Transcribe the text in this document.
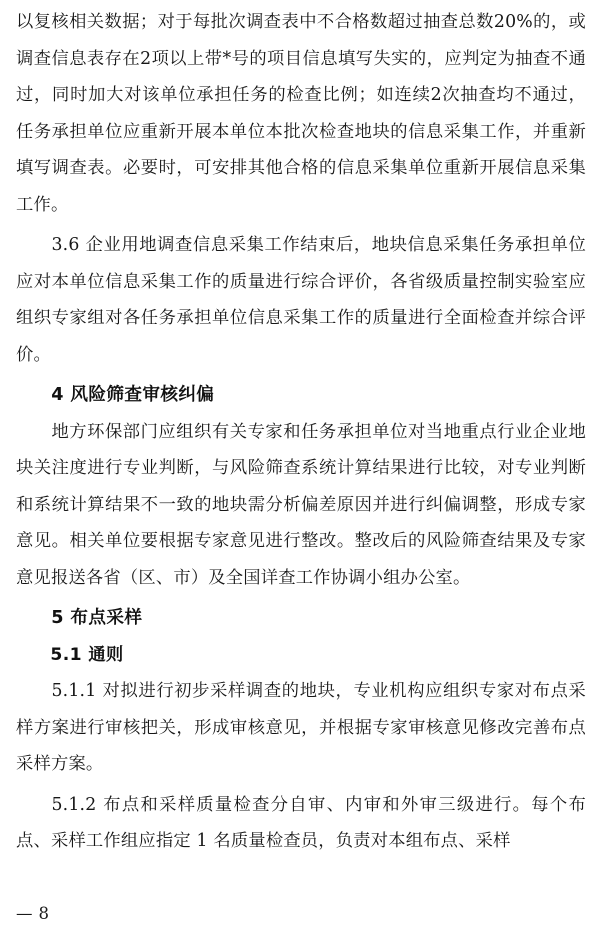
以复核相关数据；对于每批次调查表中不合格数超过抽查总数20%的，或调查信息表存在2项以上带*号的项目信息填写失实的，应判定为抽查不通过，同时加大对该单位承担任务的检查比例；如连续2次抽查均不通过，任务承担单位应重新开展本单位本批次检查地块的信息采集工作，并重新填写调查表。必要时，可安排其他合格的信息采集单位重新开展信息采集工作。

3.6 企业用地调查信息采集工作结束后，地块信息采集任务承担单位应对本单位信息采集工作的质量进行综合评价，各省级质量控制实验室应组织专家组对各任务承担单位信息采集工作的质量进行全面检查并综合评价。

4 风险筛查审核纠偏

地方环保部门应组织有关专家和任务承担单位对当地重点行业企业地块关注度进行专业判断，与风险筛查系统计算结果进行比较，对专业判断和系统计算结果不一致的地块需分析偏差原因并进行纠偏调整，形成专家意见。相关单位要根据专家意见进行整改。整改后的风险筛查结果及专家意见报送各省（区、市）及全国详查工作协调小组办公室。

5 布点采样
5.1 通则

5.1.1 对拟进行初步采样调查的地块，专业机构应组织专家对布点采样方案进行审核把关，形成审核意见，并根据专家审核意见修改完善布点采样方案。

5.1.2 布点和采样质量检查分自审、内审和外审三级进行。每个布点、采样工作组应指定 1 名质量检查员，负责对本组布点、采样

— 8
